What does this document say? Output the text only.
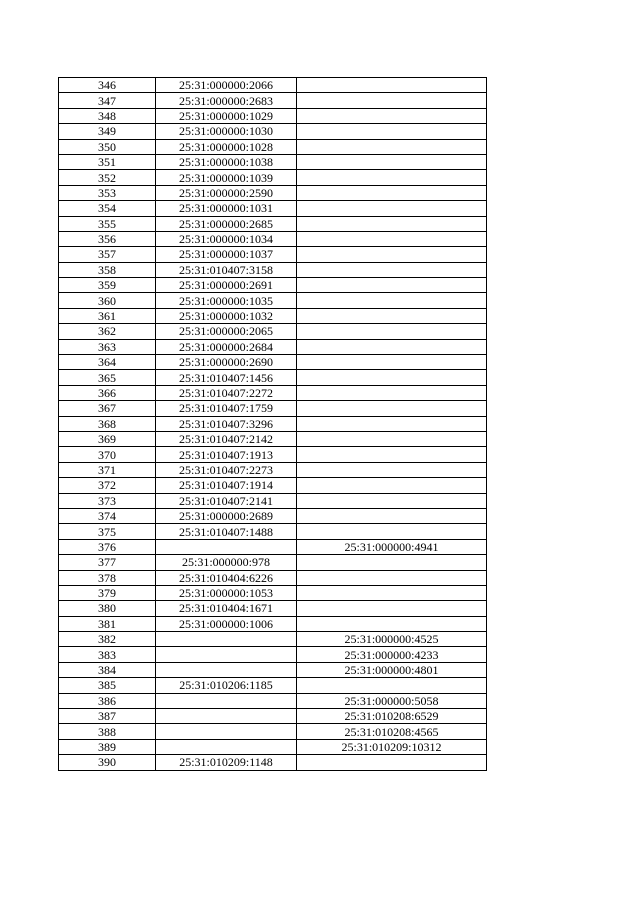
346	25:31:000000:2066	
347	25:31:000000:2683	
348	25:31:000000:1029	
349	25:31:000000:1030	
350	25:31:000000:1028	
351	25:31:000000:1038	
352	25:31:000000:1039	
353	25:31:000000:2590	
354	25:31:000000:1031	
355	25:31:000000:2685	
356	25:31:000000:1034	
357	25:31:000000:1037	
358	25:31:010407:3158	
359	25:31:000000:2691	
360	25:31:000000:1035	
361	25:31:000000:1032	
362	25:31:000000:2065	
363	25:31:000000:2684	
364	25:31:000000:2690	
365	25:31:010407:1456	
366	25:31:010407:2272	
367	25:31:010407:1759	
368	25:31:010407:3296	
369	25:31:010407:2142	
370	25:31:010407:1913	
371	25:31:010407:2273	
372	25:31:010407:1914	
373	25:31:010407:2141	
374	25:31:000000:2689	
375	25:31:010407:1488	
376		25:31:000000:4941
377	25:31:000000:978	
378	25:31:010404:6226	
379	25:31:000000:1053	
380	25:31:010404:1671	
381	25:31:000000:1006	
382		25:31:000000:4525
383		25:31:000000:4233
384		25:31:000000:4801
385	25:31:010206:1185	
386		25:31:000000:5058
387		25:31:010208:6529
388		25:31:010208:4565
389		25:31:010209:10312
390	25:31:010209:1148	
